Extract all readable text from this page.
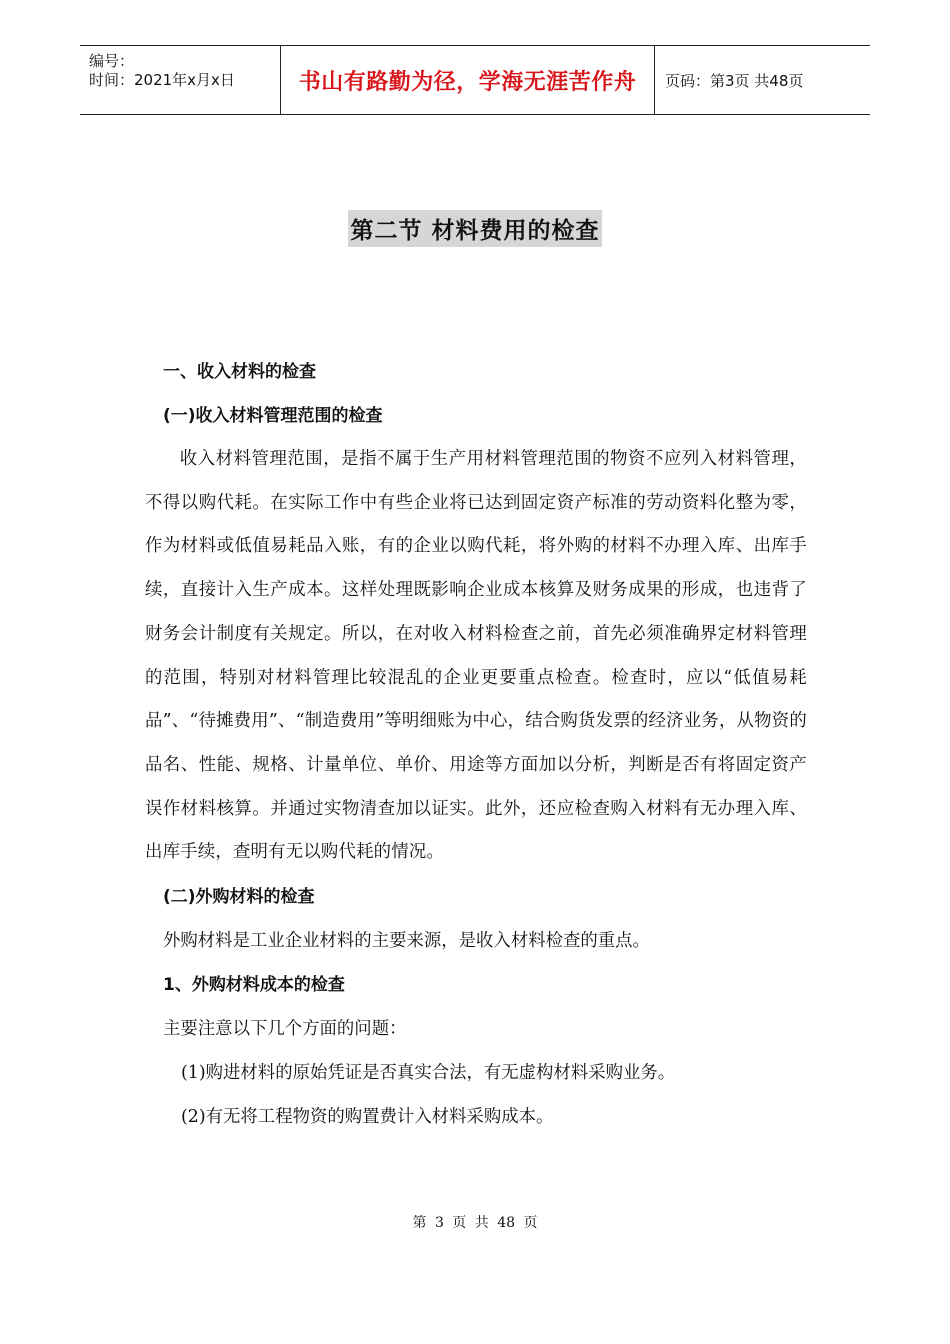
编号：
时间：2021年x月x日	书山有路勤为径，学海无涯苦作舟	页码：第3页 共48页
第二节 材料费用的检查

一、收入材料的检查

(一)收入材料管理范围的检查

收入材料管理范围，是指不属于生产用材料管理范围的物资不应列入材料管理，不得以购代耗。在实际工作中有些企业将已达到固定资产标准的劳动资料化整为零，作为材料或低值易耗品入账，有的企业以购代耗，将外购的材料不办理入库、出库手续，直接计入生产成本。这样处理既影响企业成本核算及财务成果的形成，也违背了财务会计制度有关规定。所以，在对收入材料检查之前，首先必须准确界定材料管理的范围，特别对材料管理比较混乱的企业更要重点检查。检查时，应以“低值易耗品”、“待摊费用”、“制造费用”等明细账为中心，结合购货发票的经济业务，从物资的品名、性能、规格、计量单位、单价、用途等方面加以分析，判断是否有将固定资产误作材料核算。并通过实物清查加以证实。此外，还应检查购入材料有无办理入库、出库手续，查明有无以购代耗的情况。

(二)外购材料的检查

外购材料是工业企业材料的主要来源，是收入材料检查的重点。

1、外购材料成本的检查

主要注意以下几个方面的问题：

(1)购进材料的原始凭证是否真实合法，有无虚构材料采购业务。

(2)有无将工程物资的购置费计入材料采购成本。

第 3 页 共 48 页
